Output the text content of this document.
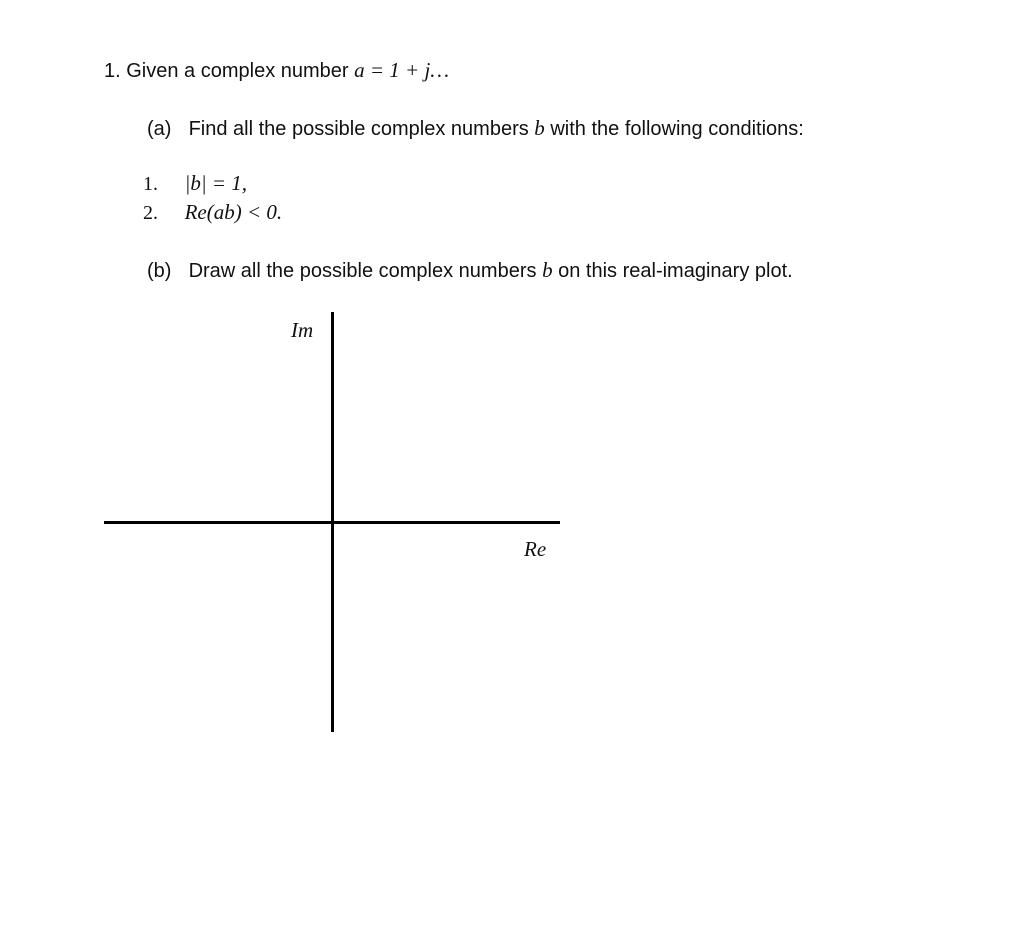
1. Given a complex number a = 1 + j…
(a) Find all the possible complex numbers b with the following conditions:
1. |b| = 1,
2. Re(ab) < 0.
(b) Draw all the possible complex numbers b on this real-imaginary plot.
Im
Re
